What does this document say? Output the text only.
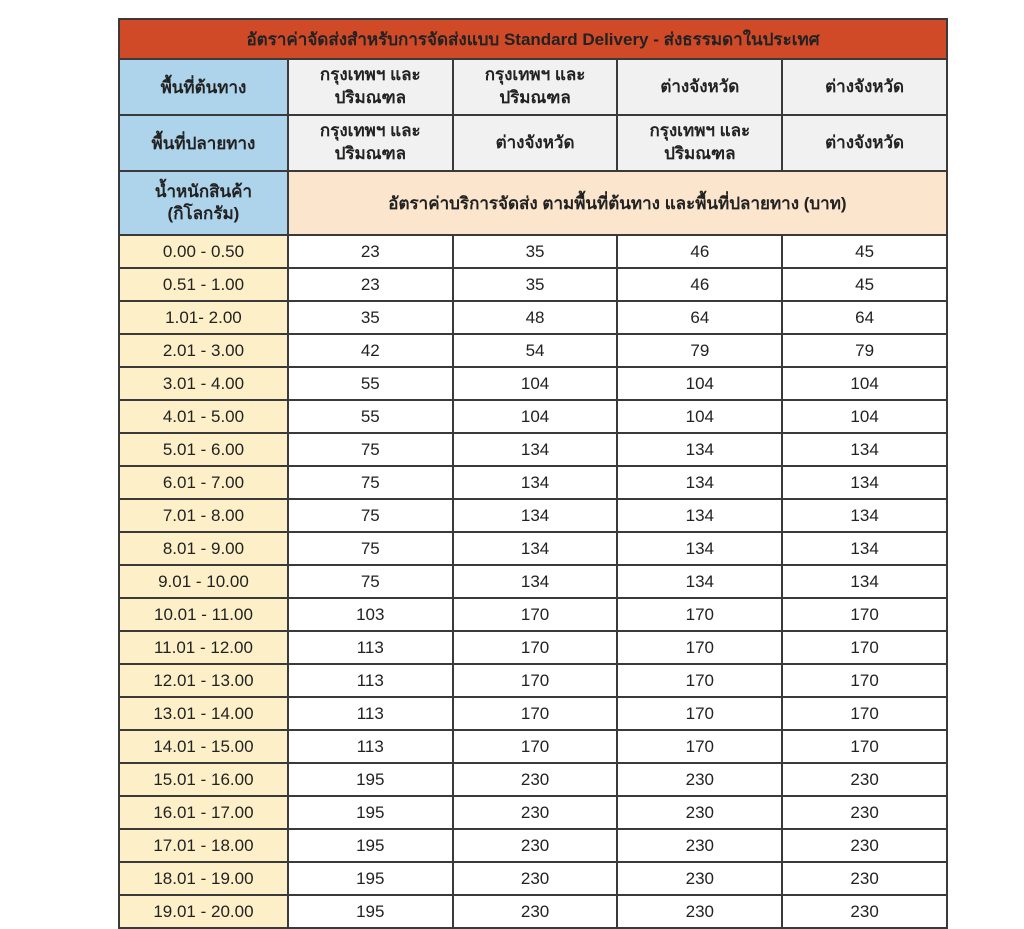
อัตราค่าจัดส่งสำหรับการจัดส่งแบบ Standard Delivery - ส่งธรรมดาในประเทศ				
พื้นที่ต้นทาง	กรุงเทพฯ และ ปริมณฑล	กรุงเทพฯ และ ปริมณฑล	ต่างจังหวัด	ต่างจังหวัด
พื้นที่ปลายทาง	กรุงเทพฯ และ ปริมณฑล	ต่างจังหวัด	กรุงเทพฯ และ ปริมณฑล	ต่างจังหวัด

น้ำหนักสินค้า
(กิโลกรัม)	อัตราค่าบริการจัดส่ง ตามพื้นที่ต้นทาง และพื้นที่ปลายทาง (บาท)			
0.00 - 0.50	23	35	46	45
0.51 - 1.00	23	35	46	45
1.01- 2.00	35	48	64	64
2.01 - 3.00	42	54	79	79
3.01 - 4.00	55	104	104	104
4.01 - 5.00	55	104	104	104
5.01 - 6.00	75	134	134	134
6.01 - 7.00	75	134	134	134
7.01 - 8.00	75	134	134	134
8.01 - 9.00	75	134	134	134
9.01 - 10.00	75	134	134	134
10.01 - 11.00	103	170	170	170
11.01 - 12.00	113	170	170	170
12.01 - 13.00	113	170	170	170
13.01 - 14.00	113	170	170	170
14.01 - 15.00	113	170	170	170
15.01 - 16.00	195	230	230	230
16.01 - 17.00	195	230	230	230
17.01 - 18.00	195	230	230	230
18.01 - 19.00	195	230	230	230
19.01 - 20.00	195	230	230	230
